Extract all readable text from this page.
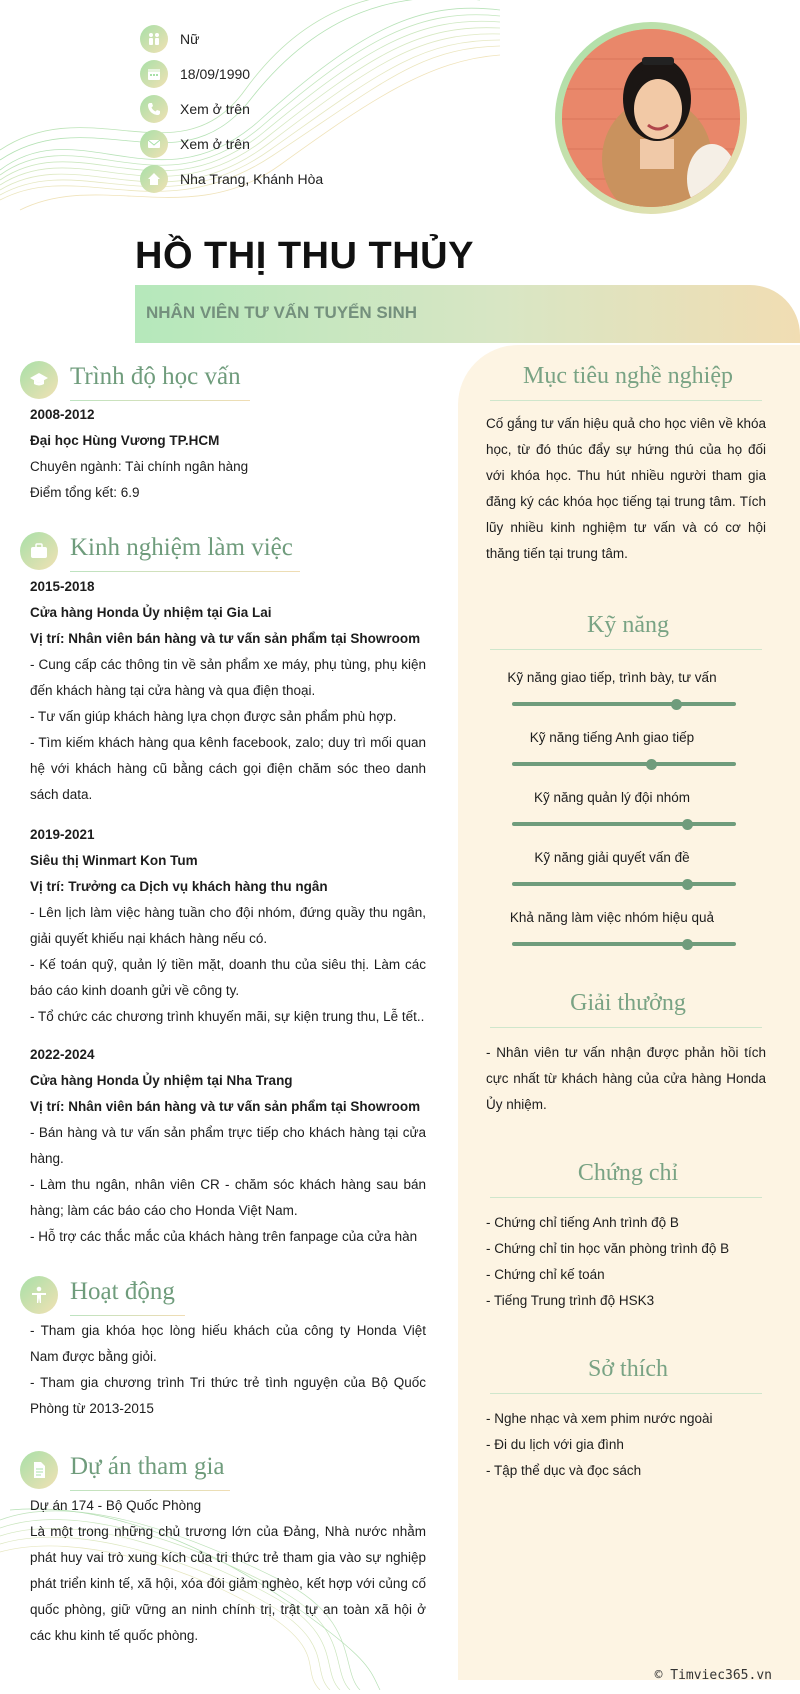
Nữ
18/09/1990
Xem ở trên
Xem ở trên
Nha Trang, Khánh Hòa
HỒ THỊ THU THỦY
NHÂN VIÊN TƯ VẤN TUYỂN SINH
Trình độ học vấn
2008-2012
Đại học Hùng Vương TP.HCM
Chuyên ngành: Tài chính ngân hàng
Điểm tổng kết: 6.9
Kinh nghiệm làm việc
2015-2018
Cửa hàng Honda Ủy nhiệm tại Gia Lai
Vị trí: Nhân viên bán hàng và tư vấn sản phẩm tại Showroom
- Cung cấp các thông tin về sản phẩm xe máy, phụ tùng, phụ kiện đến khách hàng tại cửa hàng và qua điện thoại.
- Tư vấn giúp khách hàng lựa chọn được sản phẩm phù hợp.
- Tìm kiếm khách hàng qua kênh facebook, zalo; duy trì mối quan hệ với khách hàng cũ bằng cách gọi điện chăm sóc theo danh sách data.
2019-2021
Siêu thị Winmart Kon Tum
Vị trí: Trưởng ca Dịch vụ khách hàng thu ngân
- Lên lịch làm việc hàng tuần cho đội nhóm, đứng quầy thu ngân, giải quyết khiếu nại khách hàng nếu có.
- Kế toán quỹ, quản lý tiền mặt, doanh thu của siêu thị. Làm các báo cáo kinh doanh gửi về công ty.
- Tổ chức các chương trình khuyến mãi, sự kiện trung thu, Lễ tết..
2022-2024
Cửa hàng Honda Ủy nhiệm tại Nha Trang
Vị trí: Nhân viên bán hàng và tư vấn sản phẩm tại Showroom
- Bán hàng và tư vấn sản phẩm trực tiếp cho khách hàng tại cửa hàng.
- Làm thu ngân, nhân viên CR - chăm sóc khách hàng sau bán hàng; làm các báo cáo cho Honda Việt Nam.
- Hỗ trợ các thắc mắc của khách hàng trên fanpage của cửa hàn
Hoạt động
- Tham gia khóa học lòng hiếu khách của công ty Honda Việt Nam được bằng giỏi.
- Tham gia chương trình Tri thức trẻ tình nguyện của Bộ Quốc Phòng từ 2013-2015
Dự án tham gia
Dự án 174 - Bộ Quốc Phòng
Là một trong những chủ trương lớn của Đảng, Nhà nước nhằm phát huy vai trò xung kích của tri thức trẻ tham gia vào sự nghiệp phát triển kinh tế, xã hội, xóa đói giảm nghèo, kết hợp với củng cố quốc phòng, giữ vững an ninh chính trị, trật tự an toàn xã hội ở các khu kinh tế quốc phòng.
Mục tiêu nghề nghiệp
Cố gắng tư vấn hiệu quả cho học viên về khóa học, từ đó thúc đẩy sự hứng thú của họ đối với khóa học. Thu hút nhiều người tham gia đăng ký các khóa học tiếng tại trung tâm. Tích lũy nhiều kinh nghiệm tư vấn và có cơ hội thăng tiến tại trung tâm.
Kỹ năng
Kỹ năng giao tiếp, trình bày, tư vấn
Kỹ năng tiếng Anh giao tiếp
Kỹ năng quản lý đội nhóm
Kỹ năng giải quyết vấn đề
Khả năng làm việc nhóm hiệu quả
Giải thưởng
- Nhân viên tư vấn nhận được phản hồi tích cực nhất từ khách hàng của cửa hàng Honda Ủy nhiệm.
Chứng chỉ
- Chứng chỉ tiếng Anh trình độ B
- Chứng chỉ tin học văn phòng trình độ B
- Chứng chỉ kế toán
- Tiếng Trung trình độ HSK3
Sở thích
- Nghe nhạc và xem phim nước ngoài
- Đi du lịch với gia đình
- Tập thể dục và đọc sách
© Timviec365.vn
